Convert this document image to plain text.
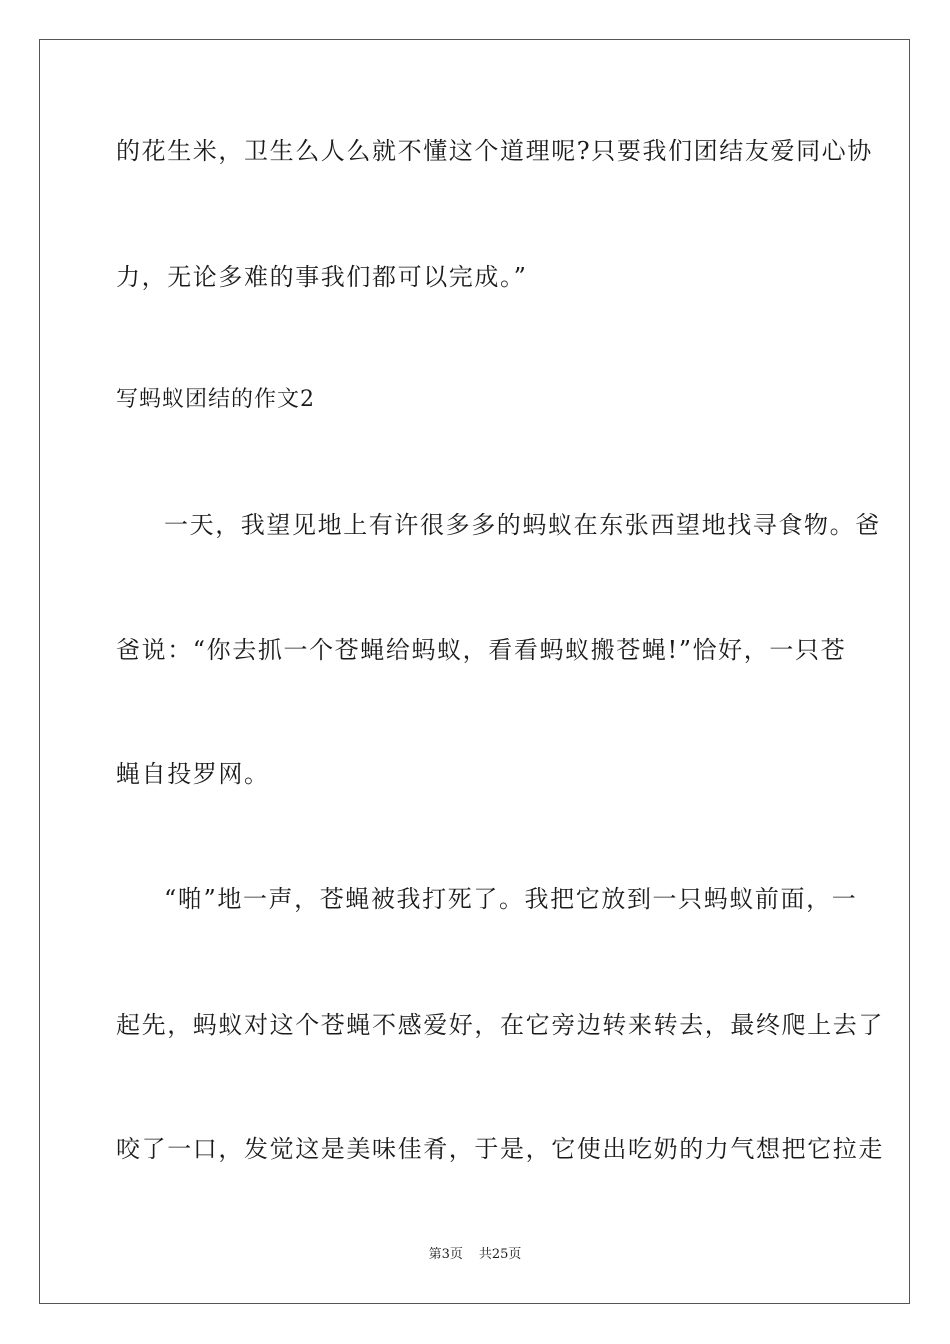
的花生米，卫生么人么就不懂这个道理呢?只要我们团结友爱同心协
力，无论多难的事我们都可以完成。”
写蚂蚁团结的作文2
一天，我望见地上有许很多多的蚂蚁在东张西望地找寻食物。爸
爸说：“你去抓一个苍蝇给蚂蚁，看看蚂蚁搬苍蝇!”恰好，一只苍
蝇自投罗网。
“啪”地一声，苍蝇被我打死了。我把它放到一只蚂蚁前面，一
起先，蚂蚁对这个苍蝇不感爱好，在它旁边转来转去，最终爬上去了
咬了一口，发觉这是美味佳肴，于是，它使出吃奶的力气想把它拉走
第3页 共25页
